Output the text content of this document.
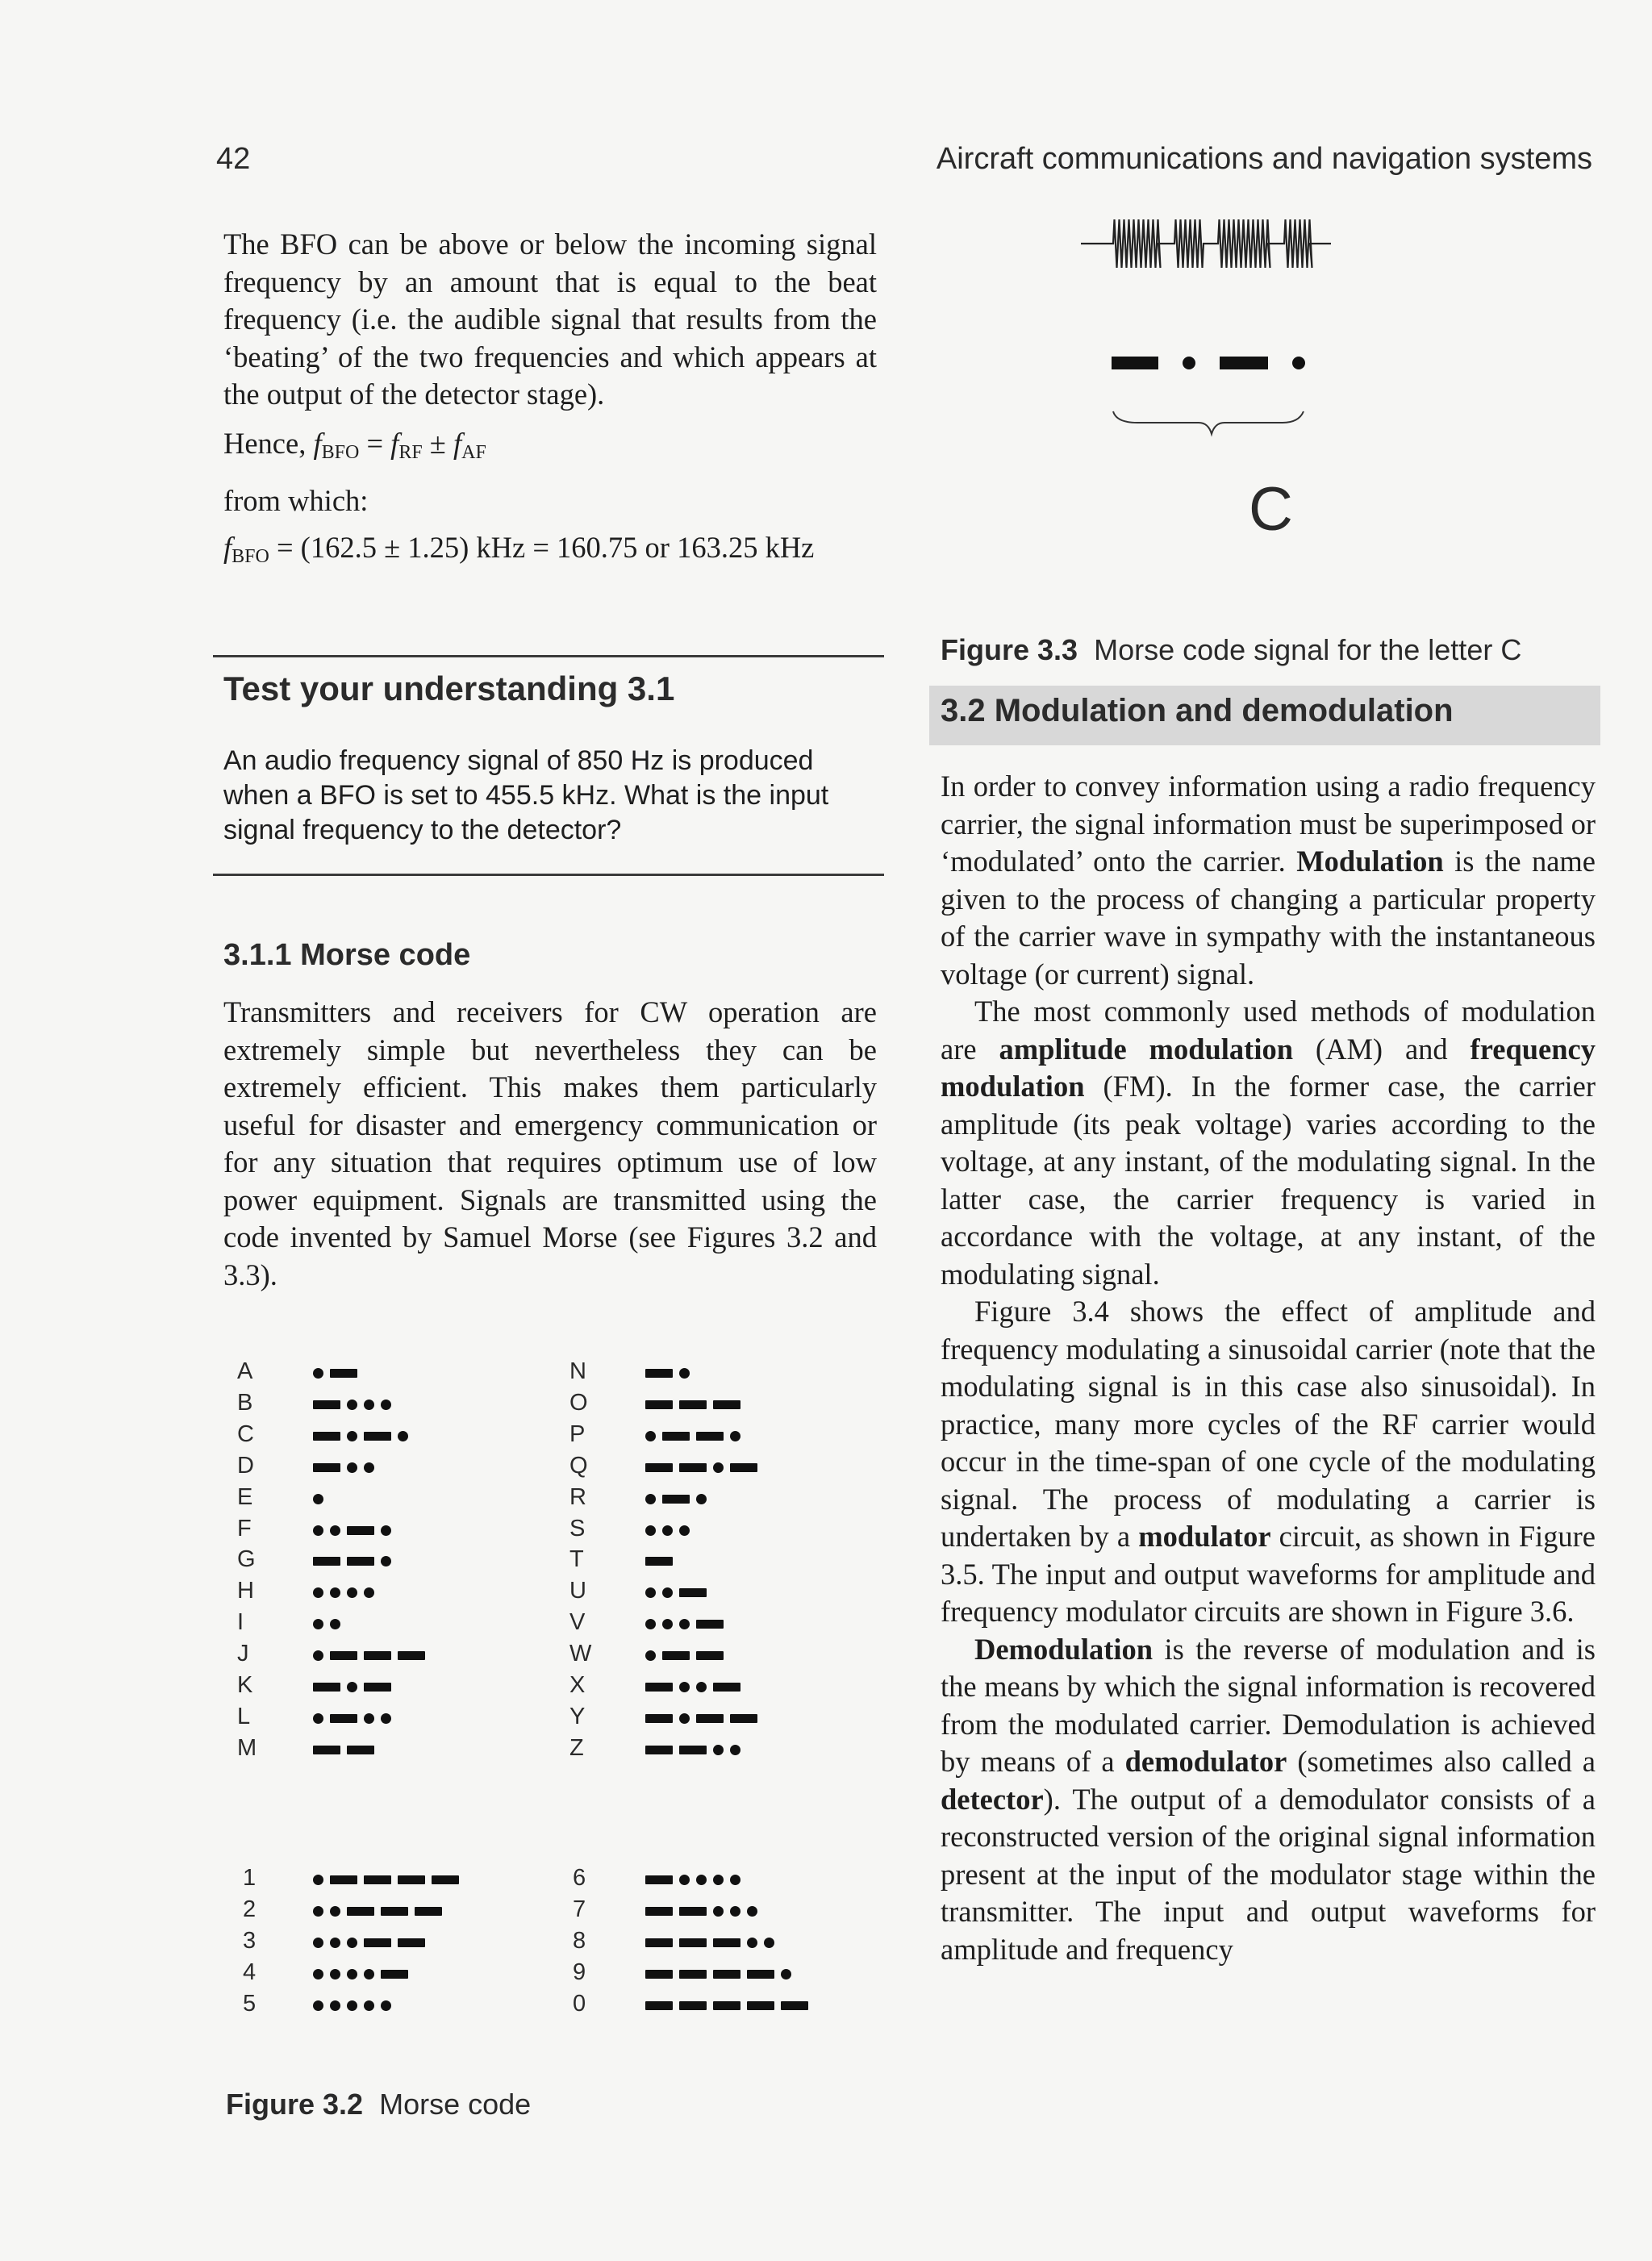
42	Aircraft communications and navigation systems

The BFO can be above or below the incoming signal frequency by an amount that is equal to the beat frequency (i.e. the audible signal that results from the ‘beating’ of the two frequencies and which appears at the output of the detector stage).

Hence, $f_{BFO} = f_{RF} \pm f_{AF}$

from which:

$f_{BFO} = (162.5 \pm 1.25)$ kHz = 160.75 or 163.25 kHz

Test your understanding 3.1

An audio frequency signal of 850 Hz is produced when a BFO is set to 455.5 kHz. What is the input signal frequency to the detector?

3.1.1 Morse code

Transmitters and receivers for CW operation are extremely simple but nevertheless they can be extremely efficient. This makes them particularly useful for disaster and emergency communication or for any situation that requires optimum use of low power equipment. Signals are transmitted using the code invented by Samuel Morse (see Figures 3.2 and 3.3).

A
B
C
D
E
F
G
H
I
J
K
L
M
N
O
P
Q
R
S
T
U
V
W
X
Y
Z
1
2
3
4
5
6
7
8
9
0
Figure 3.2 Morse code
C
Figure 3.3 Morse code signal for the letter C
3.2 Modulation and demodulation

In order to convey information using a radio frequency carrier, the signal information must be superimposed or ‘modulated’ onto the carrier. Modulation is the name given to the process of changing a particular property of the carrier wave in sympathy with the instantaneous voltage (or current) signal.

The most commonly used methods of modulation are amplitude modulation (AM) and frequency modulation (FM). In the former case, the carrier amplitude (its peak voltage) varies according to the voltage, at any instant, of the modulating signal. In the latter case, the carrier frequency is varied in accordance with the voltage, at any instant, of the modulating signal.

Figure 3.4 shows the effect of amplitude and frequency modulating a sinusoidal carrier (note that the modulating signal is in this case also sinusoidal). In practice, many more cycles of the RF carrier would occur in the time-span of one cycle of the modulating signal. The process of modulating a carrier is undertaken by a modulator circuit, as shown in Figure 3.5. The input and output waveforms for amplitude and frequency modulator circuits are shown in Figure 3.6.

Demodulation is the reverse of modulation and is the means by which the signal information is recovered from the modulated carrier. Demodulation is achieved by means of a demodulator (sometimes also called a detector). The output of a demodulator consists of a reconstructed version of the original signal information present at the input of the modulator stage within the transmitter. The input and output waveforms for amplitude and frequency
